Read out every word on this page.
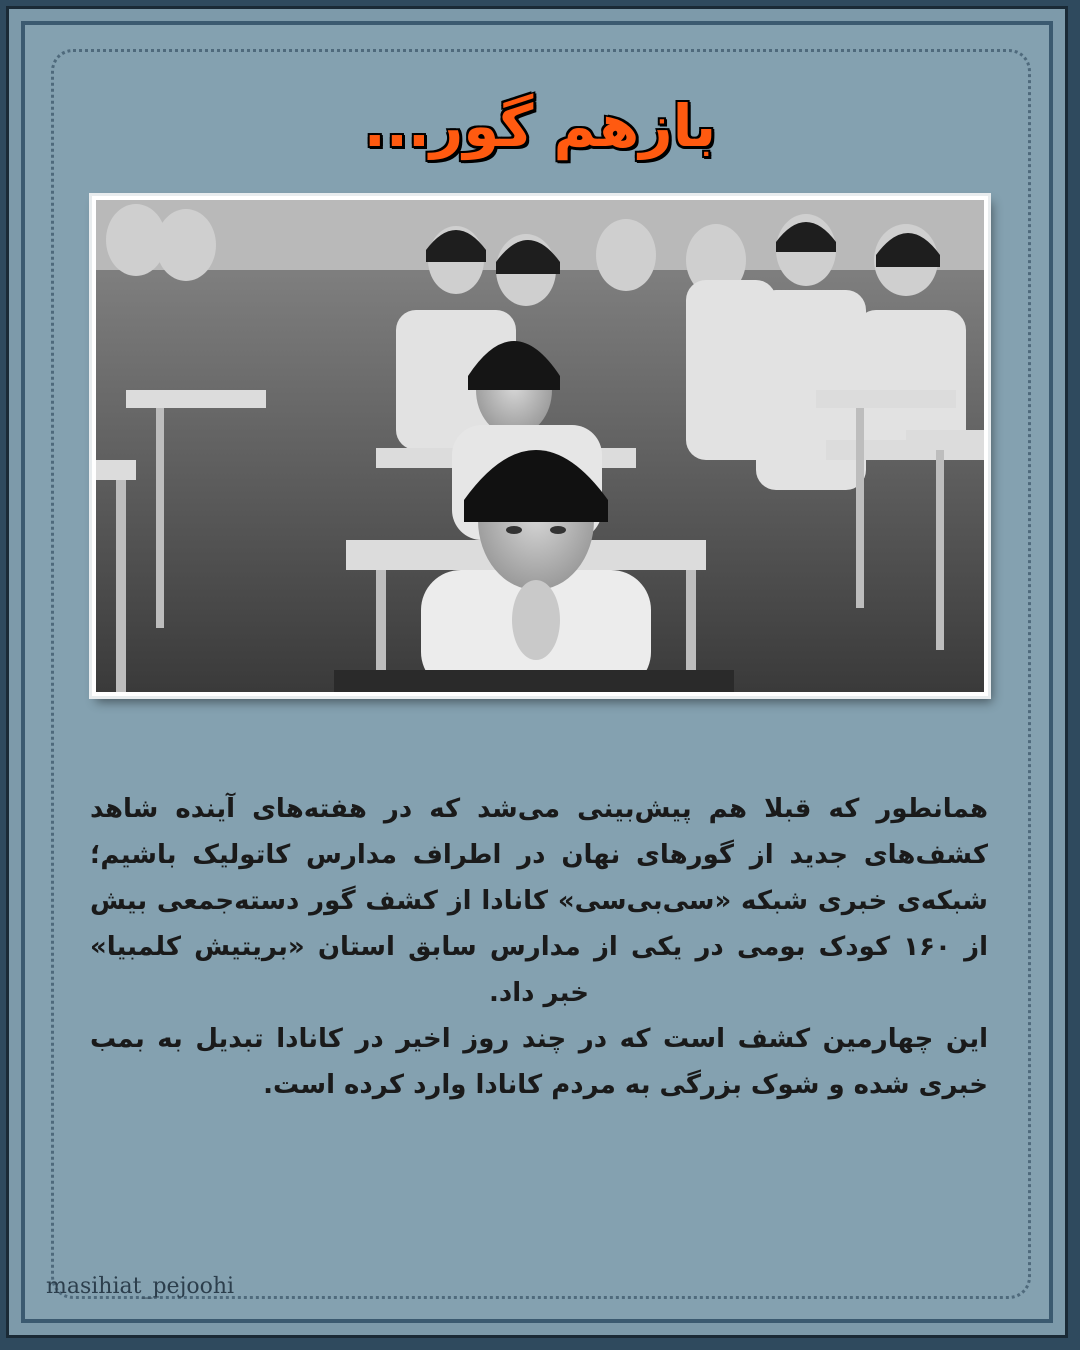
بازهم گور...

همانطور که قبلا هم پیش‌بینی می‌شد که در هفته‌های آینده شاهد کشف‌های جدید از گورهای نهان در اطراف مدارس کاتولیک باشیم؛ شبکه‌ی خبری شبکه «سی‌بی‌سی» کانادا از کشف گور دسته‌جمعی بیش از ۱۶۰ کودک بومی در یکی از مدارس سابق استان «بریتیش کلمبیا» خبر داد.

این چهارمین کشف است که در چند روز اخیر در کانادا تبدیل به بمب خبری شده و شوک بزرگی به مردم کانادا وارد کرده است.

masihiat_pejoohi
